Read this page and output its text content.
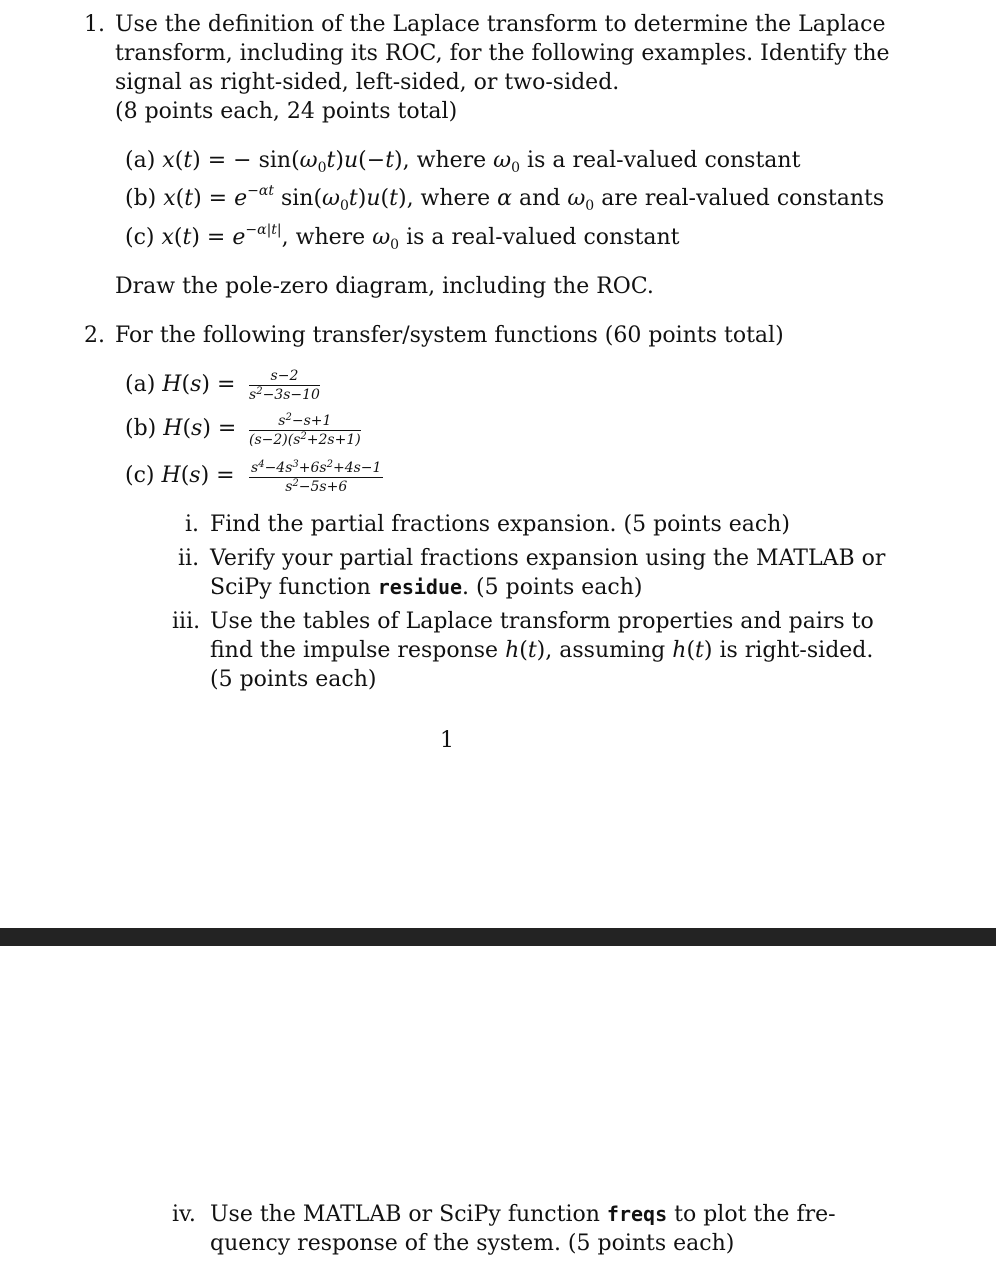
1. Use the definition of the Laplace transform to determine the Laplace
transform, including its ROC, for the following examples. Identify the
signal as right-sided, left-sided, or two-sided.
(8 points each, 24 points total)
(a) x(t) = − $\sin(\omega_0t)u(-t)$, where $\omega_0$ is a real-valued constant
(b) $x(t) = e^{-\alpha t}$ $\sin(\omega_0t)u(t)$, where α and $\omega_0$ are real-valued constants
(c) $x(t) = e^{-\alpha|t|}$, where $\omega_0$ is a real-valued constant
Draw the pole-zero diagram, including the ROC.
2. For the following transfer/system functions (60 points total)
(a) $H(s) = \frac{s-2}{s^2-3s-10}$
(b) $H(s) = \frac{s^2-s+1}{(s-2)(s^2+2s+1)}$
(c) $H(s) = \frac{s^4-4s^3+6s^2+4s-1}{s^2-5s+6}$
i. Find the partial fractions expansion. (5 points each)
ii. Verify your partial fractions expansion using the MATLAB or
SciPy function residue. (5 points each)
iii. Use the tables of Laplace transform properties and pairs to
find the impulse response h(t), assuming h(t) is right-sided.
(5 points each)
1
iv. Use the MATLAB or SciPy function freqs to plot the fre-
quency response of the system. (5 points each)
